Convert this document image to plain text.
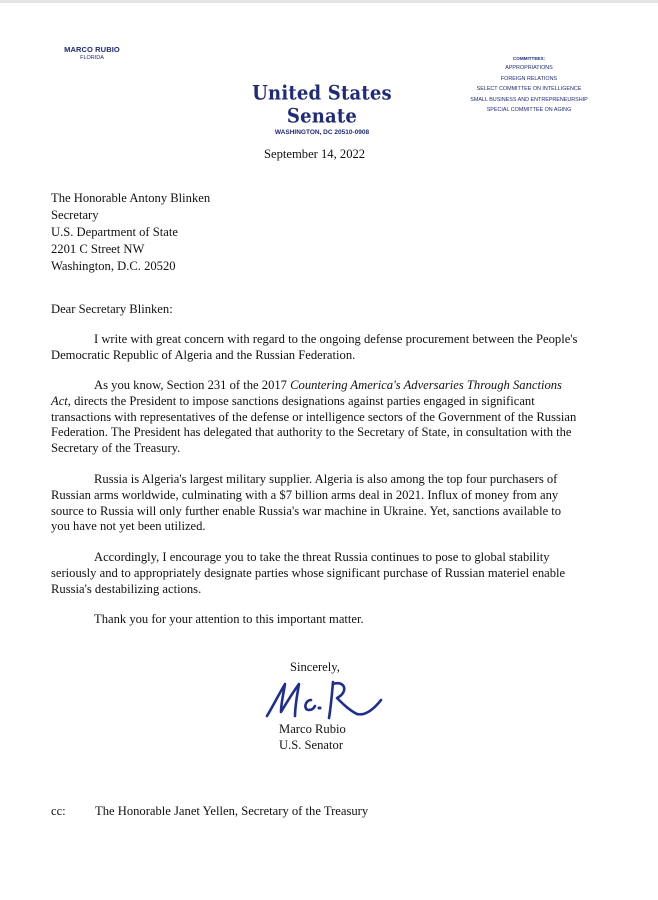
MARCO RUBIO
FLORIDA
United States Senate
WASHINGTON, DC 20510-0908
COMMITTEES:
APPROPRIATIONS
FOREIGN RELATIONS
SELECT COMMITTEE ON INTELLIGENCE
SMALL BUSINESS AND ENTREPRENEURSHIP
SPECIAL COMMITTEE ON AGING
September 14, 2022
The Honorable Antony Blinken
Secretary
U.S. Department of State
2201 C Street NW
Washington, D.C. 20520
Dear Secretary Blinken:
I write with great concern with regard to the ongoing defense procurement between the People's Democratic Republic of Algeria and the Russian Federation.
As you know, Section 231 of the 2017 Countering America's Adversaries Through Sanctions Act, directs the President to impose sanctions designations against parties engaged in significant transactions with representatives of the defense or intelligence sectors of the Government of the Russian Federation. The President has delegated that authority to the Secretary of State, in consultation with the Secretary of the Treasury.
Russia is Algeria's largest military supplier. Algeria is also among the top four purchasers of Russian arms worldwide, culminating with a $7 billion arms deal in 2021. Influx of money from any source to Russia will only further enable Russia's war machine in Ukraine. Yet, sanctions available to you have not yet been utilized.
Accordingly, I encourage you to take the threat Russia continues to pose to global stability seriously and to appropriately designate parties whose significant purchase of Russian materiel enable Russia's destabilizing actions.
Thank you for your attention to this important matter.
Sincerely,
Marco Rubio
U.S. Senator
cc: The Honorable Janet Yellen, Secretary of the Treasury
